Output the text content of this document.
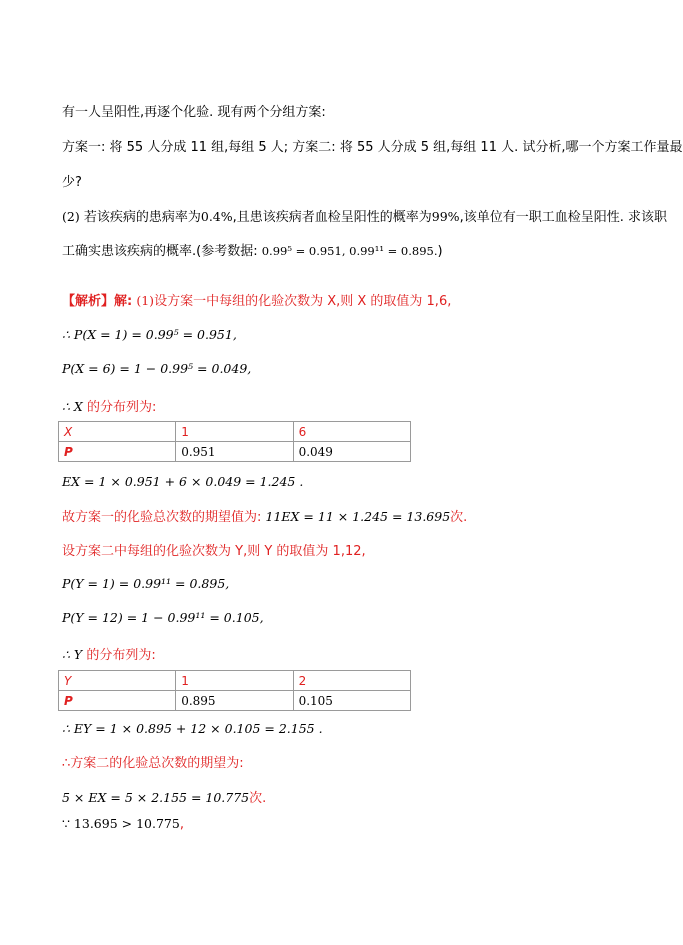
有一人呈阳性,再逐个化验. 现有两个分组方案:
方案一: 将 55 人分成 11 组,每组 5 人; 方案二: 将 55 人分成 5 组,每组 11 人. 试分析,哪一个方案工作量最
少?
(2) 若该疾病的患病率为0.4%,且患该疾病者血检呈阳性的概率为99%,该单位有一职工血检呈阳性. 求该职
工确实患该疾病的概率.(参考数据: 0.99⁵ = 0.951, 0.99¹¹ = 0.895.)
【解析】解: (1)设方案一中每组的化验次数为 X,则 X 的取值为 1,6,
∴ P(X = 1) = 0.99⁵ = 0.951,
P(X = 6) = 1 − 0.99⁵ = 0.049,
∴ X 的分布列为:
X	1	6
P	0.951	0.049
EX = 1 × 0.951 + 6 × 0.049 = 1.245 .
故方案一的化验总次数的期望值为: 11EX = 11 × 1.245 = 13.695次.
设方案二中每组的化验次数为 Y,则 Y 的取值为 1,12,
P(Y = 1) = 0.99¹¹ = 0.895,
P(Y = 12) = 1 − 0.99¹¹ = 0.105,
∴ Y 的分布列为:
Y	1	2
P	0.895	0.105
∴ EY = 1 × 0.895 + 12 × 0.105 = 2.155 .
∴方案二的化验总次数的期望为:
5 × EX = 5 × 2.155 = 10.775次.
∵ 13.695 > 10.775,
